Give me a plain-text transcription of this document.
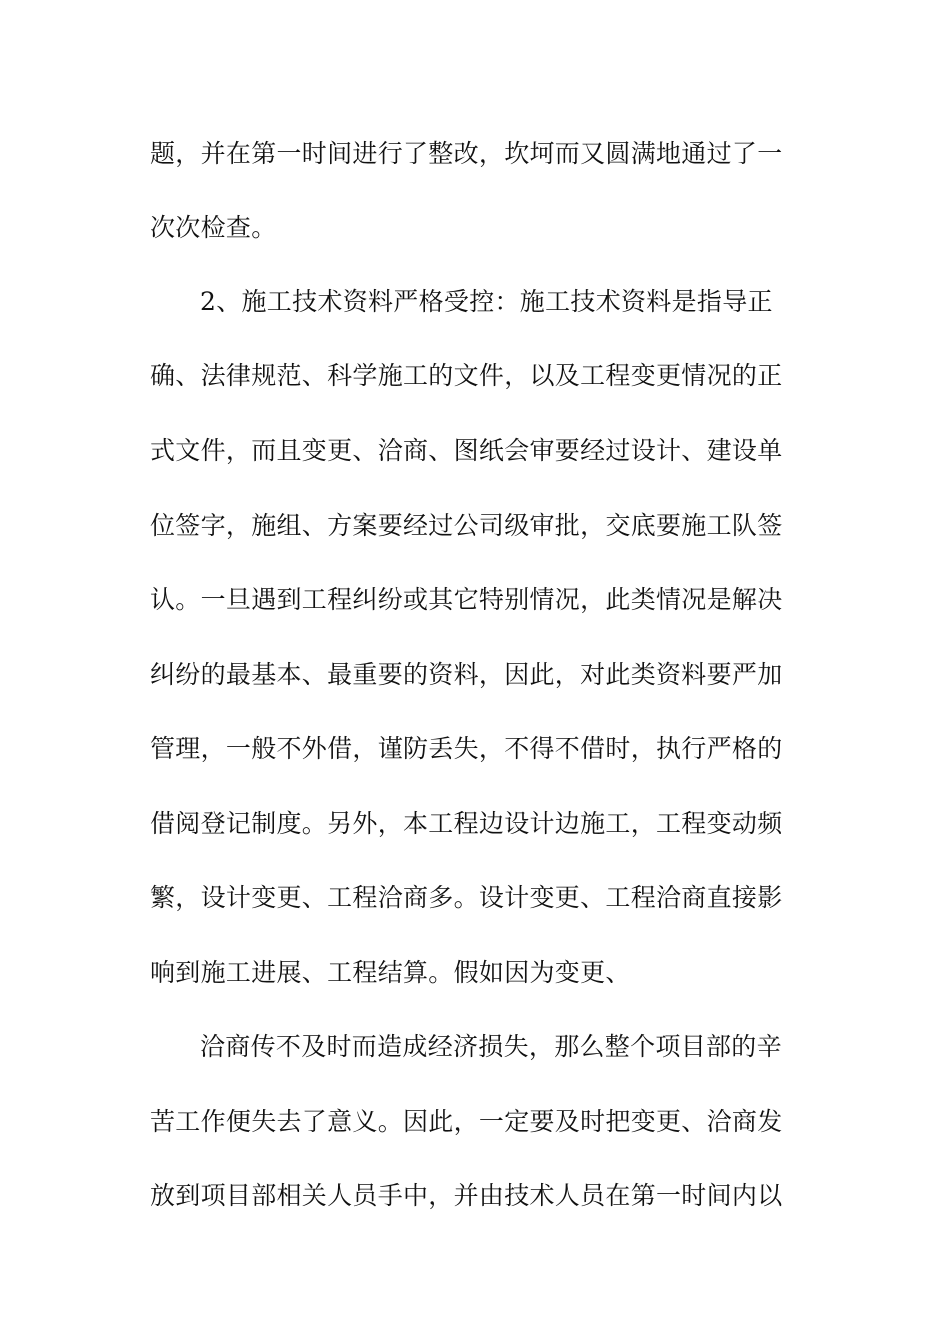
题，并在第一时间进行了整改，坎坷而又圆满地通过了一
次次检查。
2、施工技术资料严格受控：施工技术资料是指导正
确、法律规范、科学施工的文件，以及工程变更情况的正
式文件，而且变更、洽商、图纸会审要经过设计、建设单
位签字，施组、方案要经过公司级审批，交底要施工队签
认。一旦遇到工程纠纷或其它特别情况，此类情况是解决
纠纷的最基本、最重要的资料，因此，对此类资料要严加
管理，一般不外借，谨防丢失，不得不借时，执行严格的
借阅登记制度。另外，本工程边设计边施工，工程变动频
繁，设计变更、工程洽商多。设计变更、工程洽商直接影
响到施工进展、工程结算。假如因为变更、
洽商传不及时而造成经济损失，那么整个项目部的辛
苦工作便失去了意义。因此，一定要及时把变更、洽商发
放到项目部相关人员手中，并由技术人员在第一时间内以
